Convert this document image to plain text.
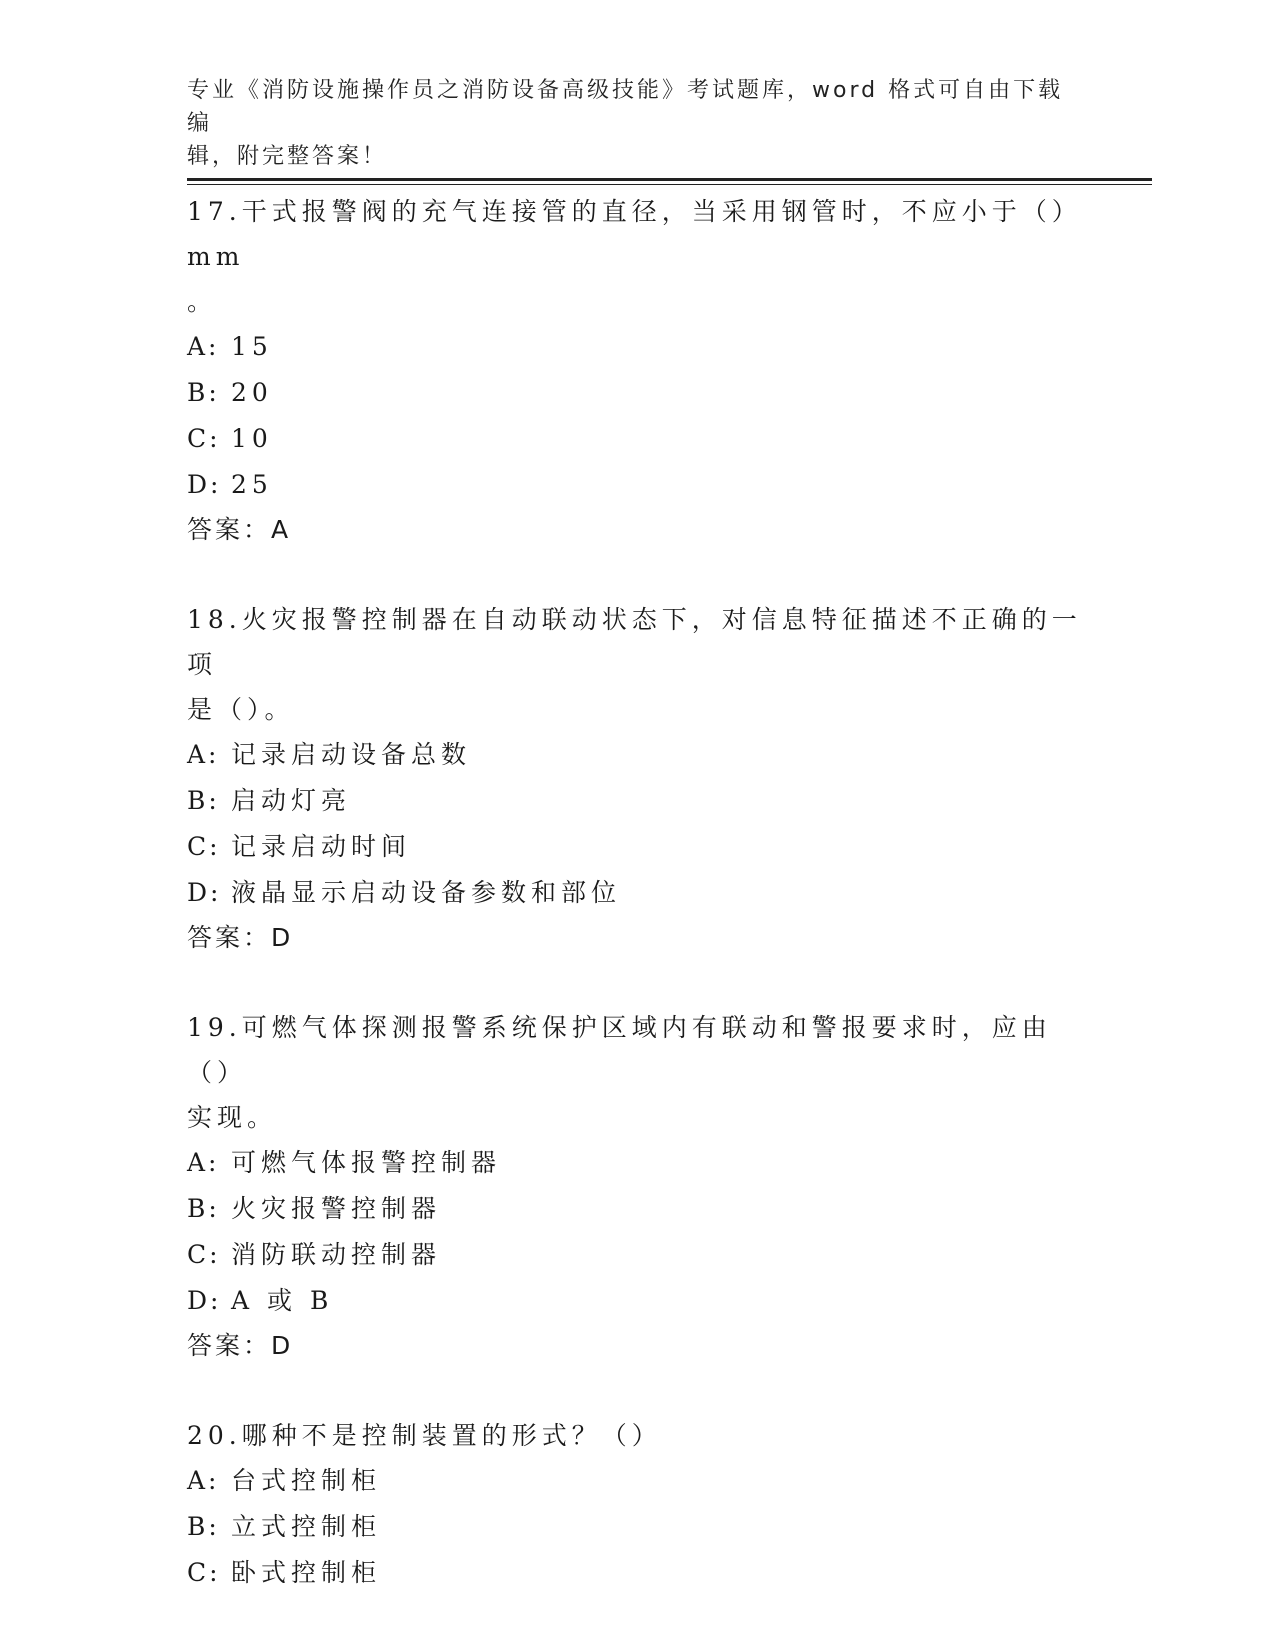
专业《消防设施操作员之消防设备高级技能》考试题库，word 格式可自由下载编
辑，附完整答案！

17.干式报警阀的充气连接管的直径，当采用钢管时，不应小于（）mm

。

A: 15

B: 20

C: 10

D: 25

答案：A

18.火灾报警控制器在自动联动状态下，对信息特征描述不正确的一项

是（）。

A: 记录启动设备总数

B: 启动灯亮

C: 记录启动时间

D: 液晶显示启动设备参数和部位

答案：D

19.可燃气体探测报警系统保护区域内有联动和警报要求时，应由（）

实现。

A: 可燃气体报警控制器

B: 火灾报警控制器

C: 消防联动控制器

D: A 或 B

答案：D

20.哪种不是控制装置的形式？（）

A: 台式控制柜

B: 立式控制柜

C: 卧式控制柜
